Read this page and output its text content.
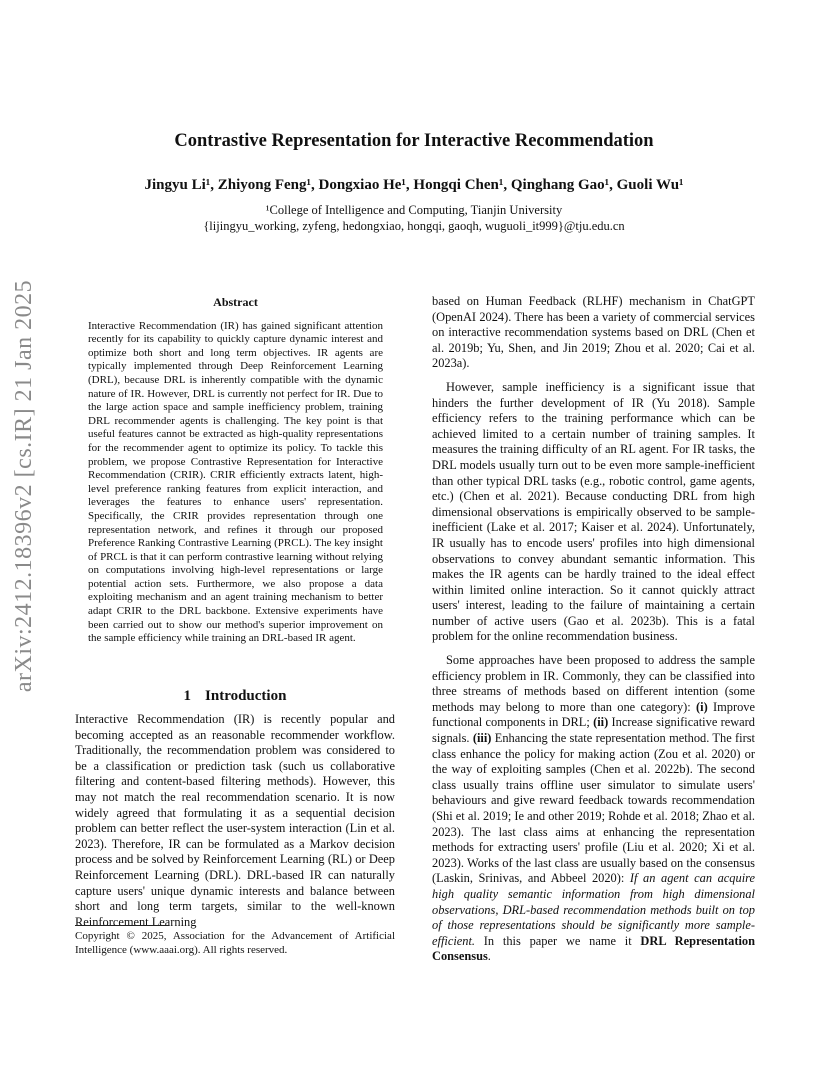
arXiv:2412.18396v2 [cs.IR] 21 Jan 2025
Contrastive Representation for Interactive Recommendation
Jingyu Li¹, Zhiyong Feng¹, Dongxiao He¹, Hongqi Chen¹, Qinghang Gao¹, Guoli Wu¹
¹College of Intelligence and Computing, Tianjin University
{lijingyu_working, zyfeng, hedongxiao, hongqi, gaoqh, wuguoli_it999}@tju.edu.cn

Abstract

Interactive Recommendation (IR) has gained significant attention recently for its capability to quickly capture dynamic interest and optimize both short and long term objectives. IR agents are typically implemented through Deep Reinforcement Learning (DRL), because DRL is inherently compatible with the dynamic nature of IR. However, DRL is currently not perfect for IR. Due to the large action space and sample inefficiency problem, training DRL recommender agents is challenging. The key point is that useful features cannot be extracted as high-quality representations for the recommender agent to optimize its policy. To tackle this problem, we propose Contrastive Representation for Interactive Recommendation (CRIR). CRIR efficiently extracts latent, high-level preference ranking features from explicit interaction, and leverages the features to enhance users' representation. Specifically, the CRIR provides representation through one representation network, and refines it through our proposed Preference Ranking Contrastive Learning (PRCL). The key insight of PRCL is that it can perform contrastive learning without relying on computations involving high-level representations or large potential action sets. Furthermore, we also propose a data exploiting mechanism and an agent training mechanism to better adapt CRIR to the DRL backbone. Extensive experiments have been carried out to show our method's superior improvement on the sample efficiency while training an DRL-based IR agent.

1 Introduction

Interactive Recommendation (IR) is recently popular and becoming accepted as an reasonable recommender workflow. Traditionally, the recommendation problem was considered to be a classification or prediction task (such us collaborative filtering and content-based filtering methods). However, this may not match the real recommendation scenario. It is now widely agreed that formulating it as a sequential decision problem can better reflect the user-system interaction (Lin et al. 2023). Therefore, IR can be formulated as a Markov decision process and be solved by Reinforcement Learning (RL) or Deep Reinforcement Learning (DRL). DRL-based IR can naturally capture users' unique dynamic interests and balance between short and long term targets, similar to the well-known Reinforcement Learning

based on Human Feedback (RLHF) mechanism in ChatGPT (OpenAI 2024). There has been a variety of commercial services on interactive recommendation systems based on DRL (Chen et al. 2019b; Yu, Shen, and Jin 2019; Zhou et al. 2020; Cai et al. 2023a).

However, sample inefficiency is a significant issue that hinders the further development of IR (Yu 2018). Sample efficiency refers to the training performance which can be achieved limited to a certain number of training samples. It measures the training difficulty of an RL agent. For IR tasks, the DRL models usually turn out to be even more sample-inefficient than other typical DRL tasks (e.g., robotic control, game agents, etc.) (Chen et al. 2021). Because conducting DRL from high dimensional observations is empirically observed to be sample-inefficient (Lake et al. 2017; Kaiser et al. 2024). Unfortunately, IR usually has to encode users' profiles into high dimensional observations to convey abundant semantic information. This makes the IR agents can be hardly trained to the ideal effect within limited online interaction. So it cannot quickly attract users' interest, leading to the failure of maintaining a certain number of active users (Gao et al. 2023b). This is a fatal problem for the online recommendation business.

Some approaches have been proposed to address the sample efficiency problem in IR. Commonly, they can be classified into three streams of methods based on different intention (some methods may belong to more than one category): (i) Improve functional components in DRL; (ii) Increase significative reward signals. (iii) Enhancing the state representation method. The first class enhance the policy for making action (Zou et al. 2020) or the way of exploiting samples (Chen et al. 2022b). The second class usually trains offline user simulator to simulate users' behaviours and give reward feedback towards recommendation (Shi et al. 2019; Ie and other 2019; Rohde et al. 2018; Zhao et al. 2023). The last class aims at enhancing the representation methods for extracting users' profile (Liu et al. 2020; Xi et al. 2023). Works of the last class are usually based on the consensus (Laskin, Srinivas, and Abbeel 2020): If an agent can acquire high quality semantic information from high dimensional observations, DRL-based recommendation methods built on top of those representations should be significantly more sample-efficient. In this paper we name it DRL Representation Consensus.

Copyright © 2025, Association for the Advancement of Artificial Intelligence (www.aaai.org). All rights reserved.
